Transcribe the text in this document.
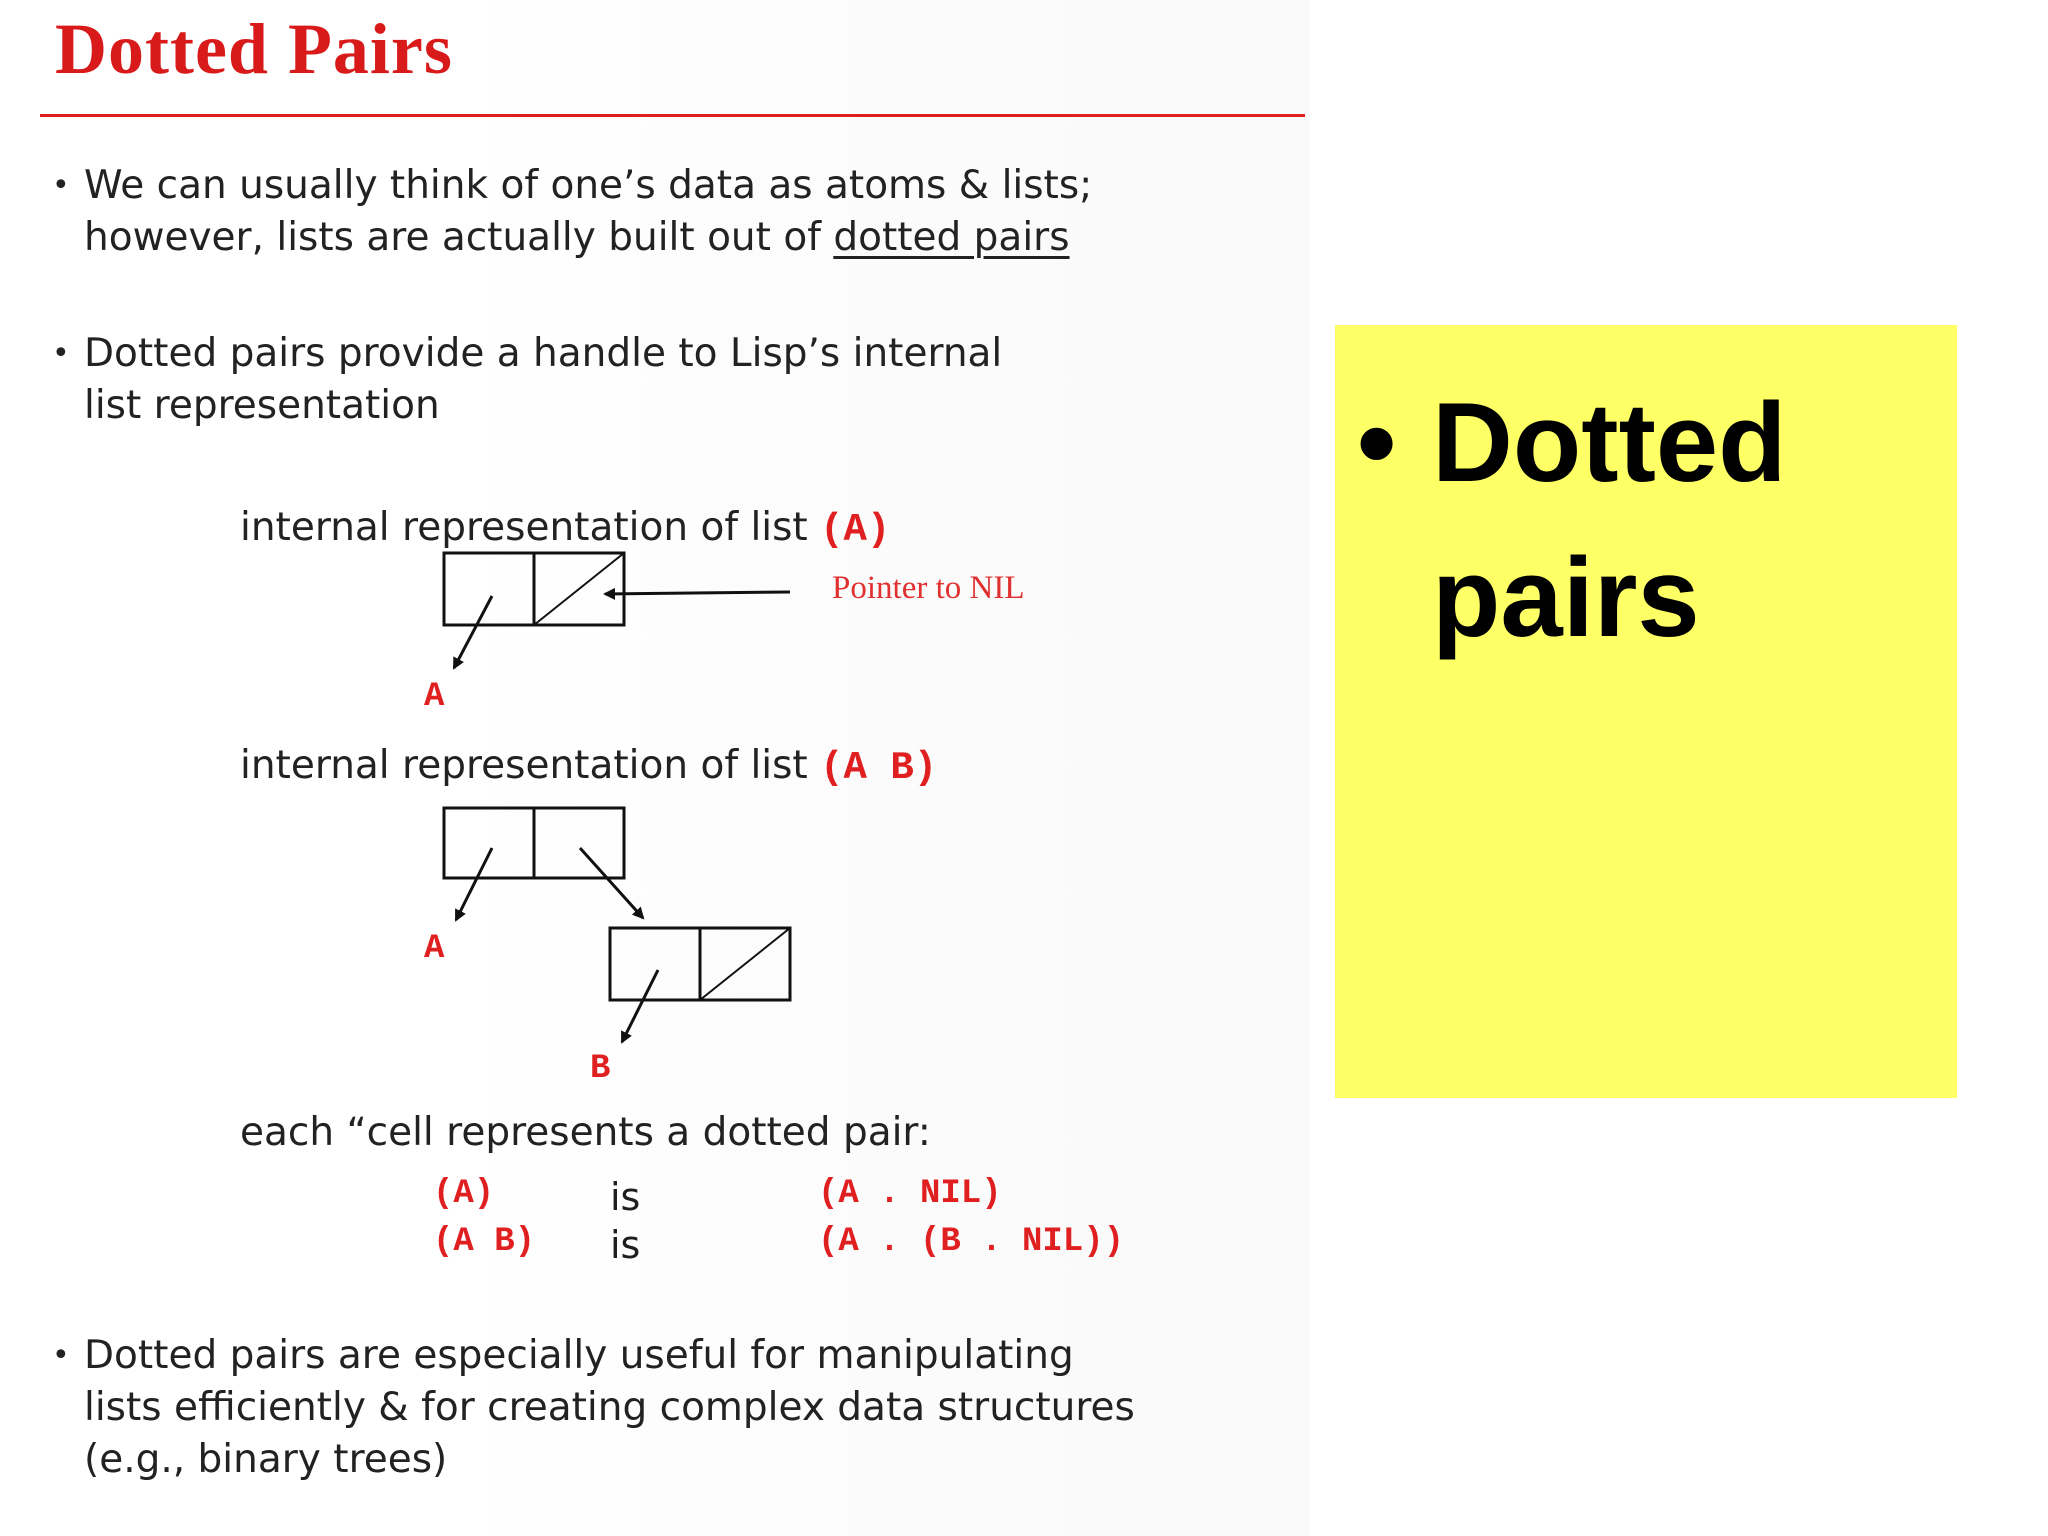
Dotted Pairs
• We can usually think of one’s data as atoms & lists;
however, lists are actually built out of dotted pairs
• Dotted pairs provide a handle to Lisp’s internal
list representation
internal representation of list (A)
Pointer to NIL
A
internal representation of list (A B)
A
B
each “cell represents a dotted pair:
(A)	is	(A . NIL)
(A B) is	(A . (B . NIL))
• Dotted pairs are especially useful for manipulating
lists efficiently & for creating complex data structures
(e.g., binary trees)
• Dotted pairs
